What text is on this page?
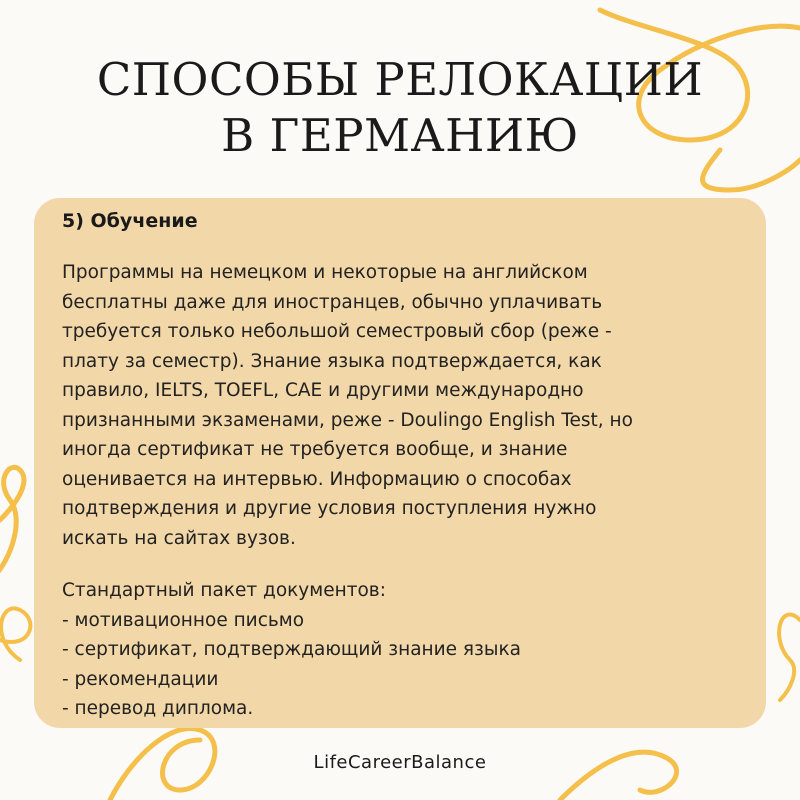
СПОСОБЫ РЕЛОКАЦИИ
В ГЕРМАНИЮ
5) Обучение
Программы на немецком и некоторые на английском
бесплатны даже для иностранцев, обычно уплачивать
требуется только небольшой семестровый сбор (реже -
плату за семестр). Знание языка подтверждается, как
правило, IELTS, TOEFL, CAE и другими международно
признанными экзаменами, реже - Doulingo English Test, но
иногда сертификат не требуется вообще, и знание
оценивается на интервью. Информацию о способах
подтверждения и другие условия поступления нужно
искать на сайтах вузов.
Стандартный пакет документов:
- мотивационное письмо
- сертификат, подтверждающий знание языка
- рекомендации
- перевод диплома.
LifeCareerBalance
